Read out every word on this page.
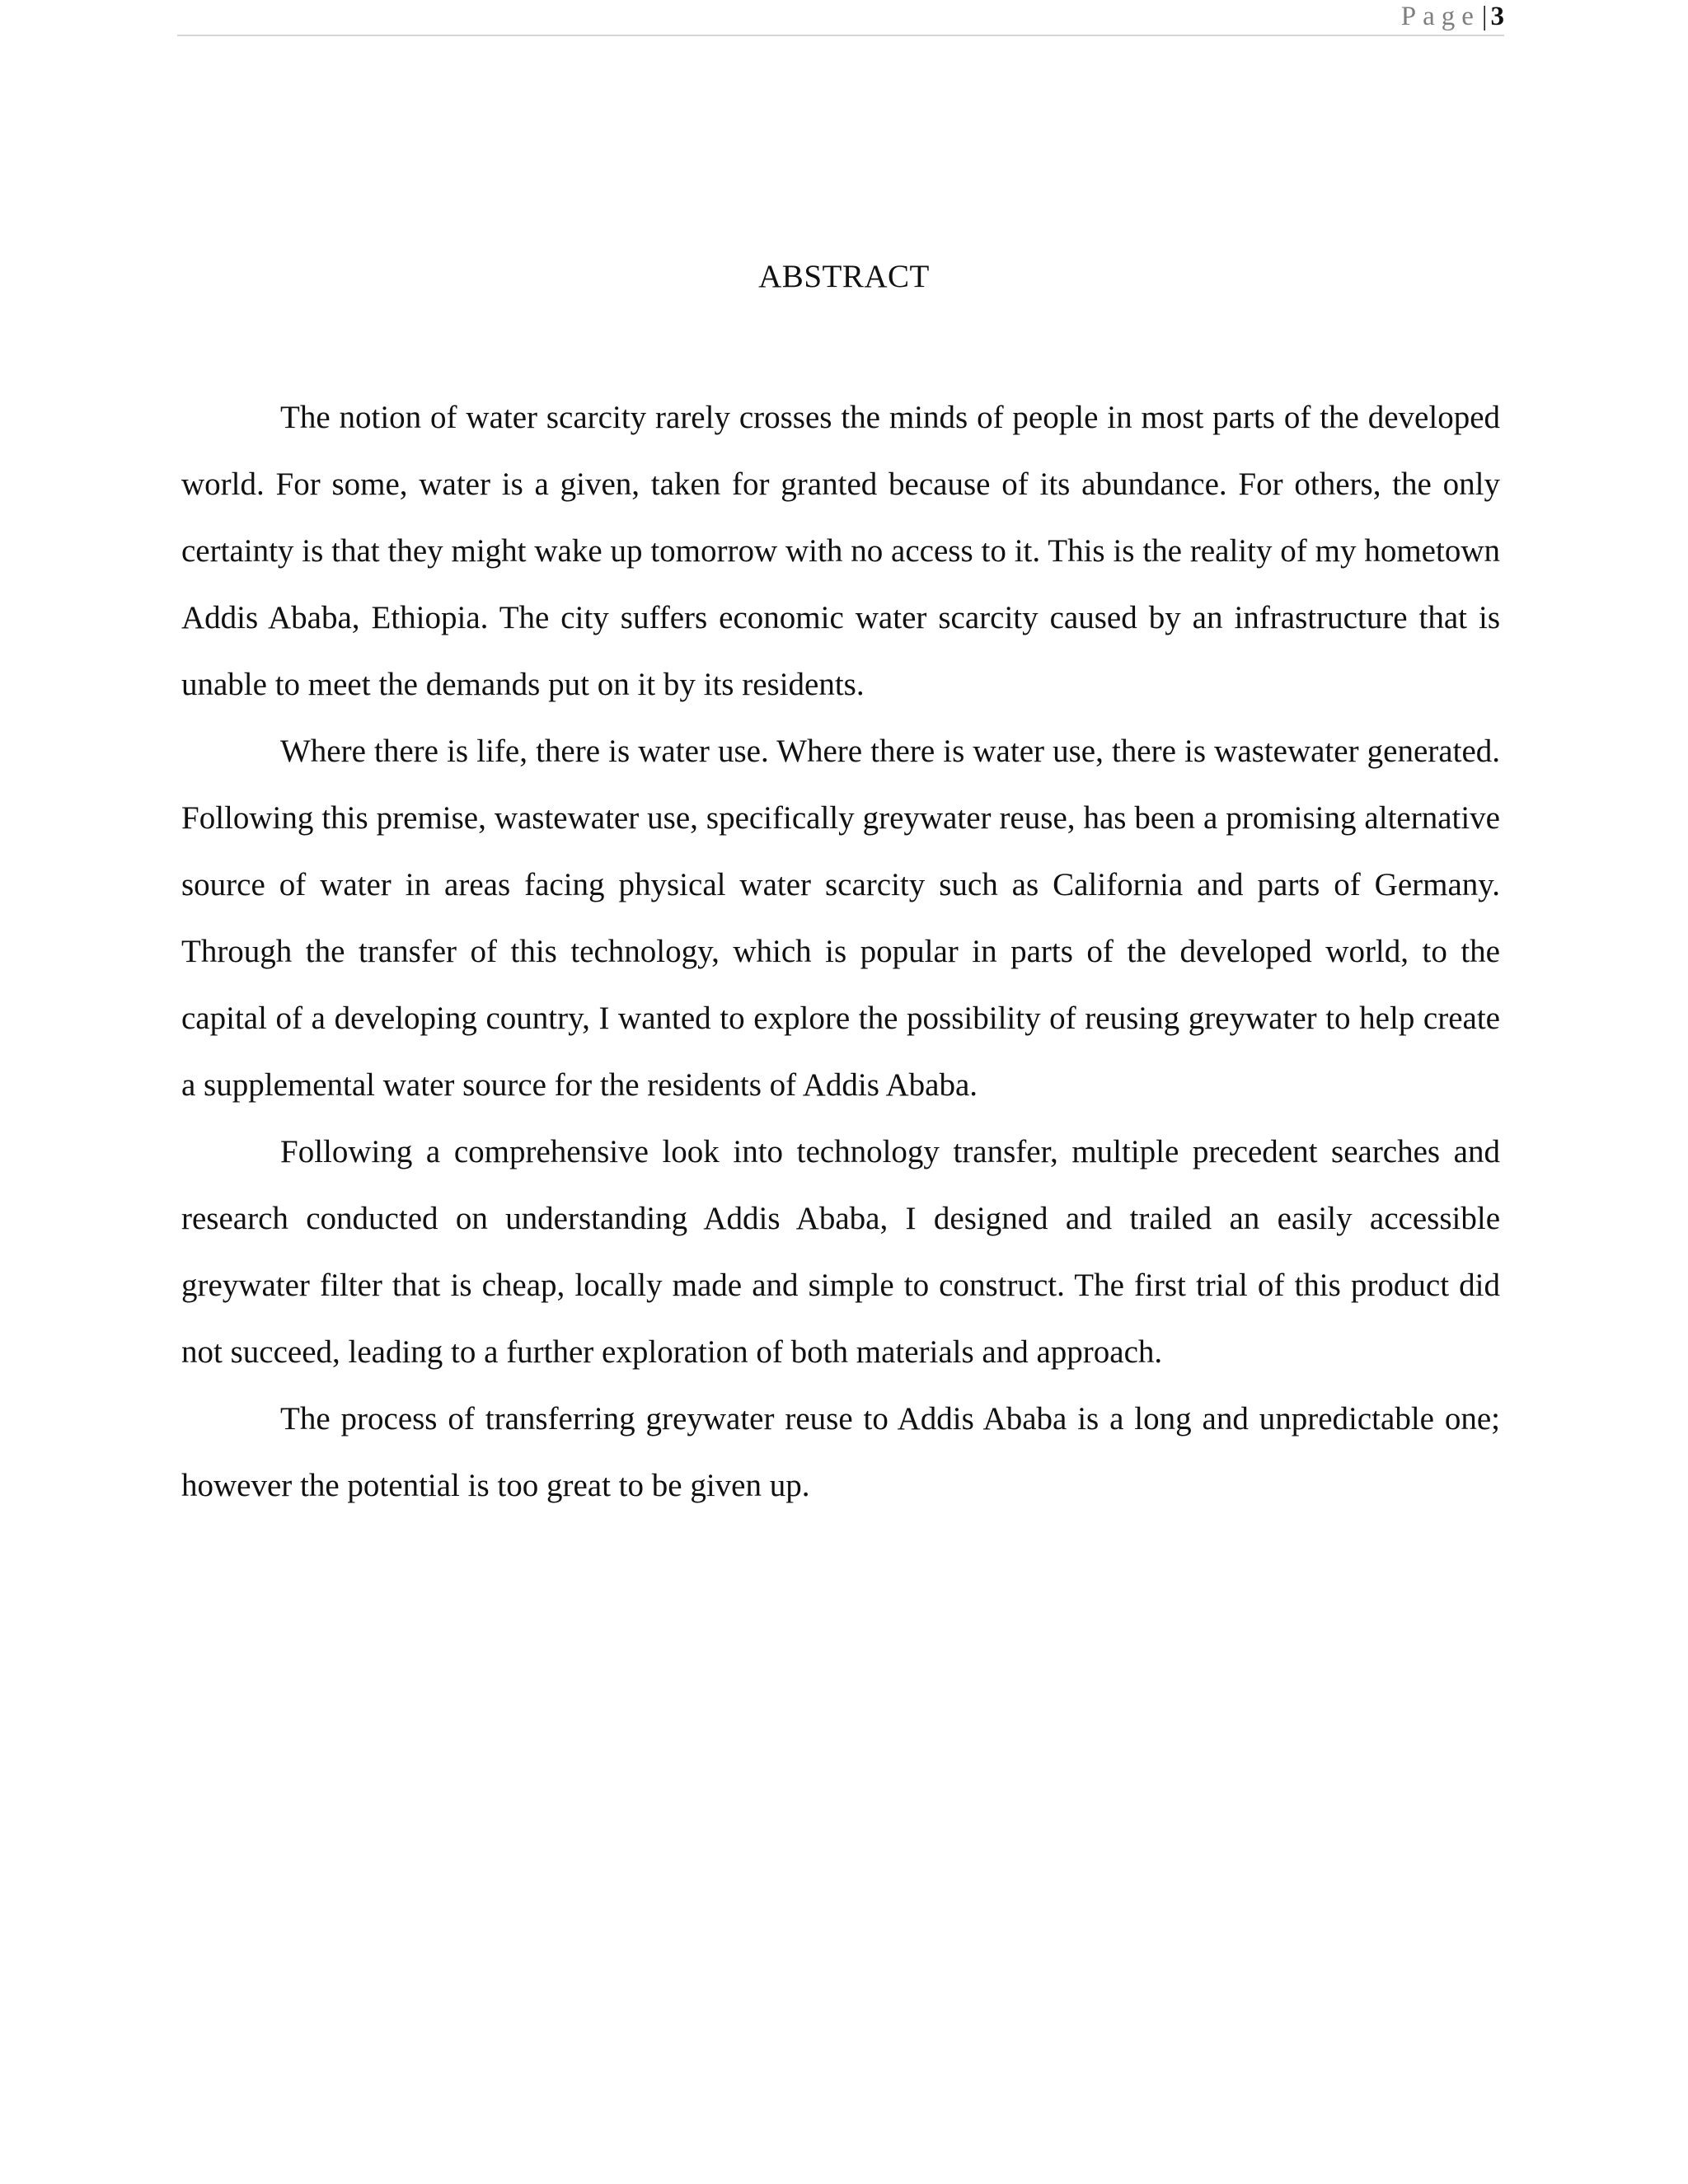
Page| 3
ABSTRACT

The notion of water scarcity rarely crosses the minds of people in most parts of the developed world. For some, water is a given, taken for granted because of its abundance. For others, the only certainty is that they might wake up tomorrow with no access to it. This is the reality of my hometown Addis Ababa, Ethiopia. The city suffers economic water scarcity caused by an infrastructure that is unable to meet the demands put on it by its residents.

Where there is life, there is water use. Where there is water use, there is wastewater generated. Following this premise, wastewater use, specifically greywater reuse, has been a promising alternative source of water in areas facing physical water scarcity such as California and parts of Germany. Through the transfer of this technology, which is popular in parts of the developed world, to the capital of a developing country, I wanted to explore the possibility of reusing greywater to help create a supplemental water source for the residents of Addis Ababa.

Following a comprehensive look into technology transfer, multiple precedent searches and research conducted on understanding Addis Ababa, I designed and trailed an easily accessible greywater filter that is cheap, locally made and simple to construct. The first trial of this product did not succeed, leading to a further exploration of both materials and approach.

The process of transferring greywater reuse to Addis Ababa is a long and unpredictable one; however the potential is too great to be given up.
